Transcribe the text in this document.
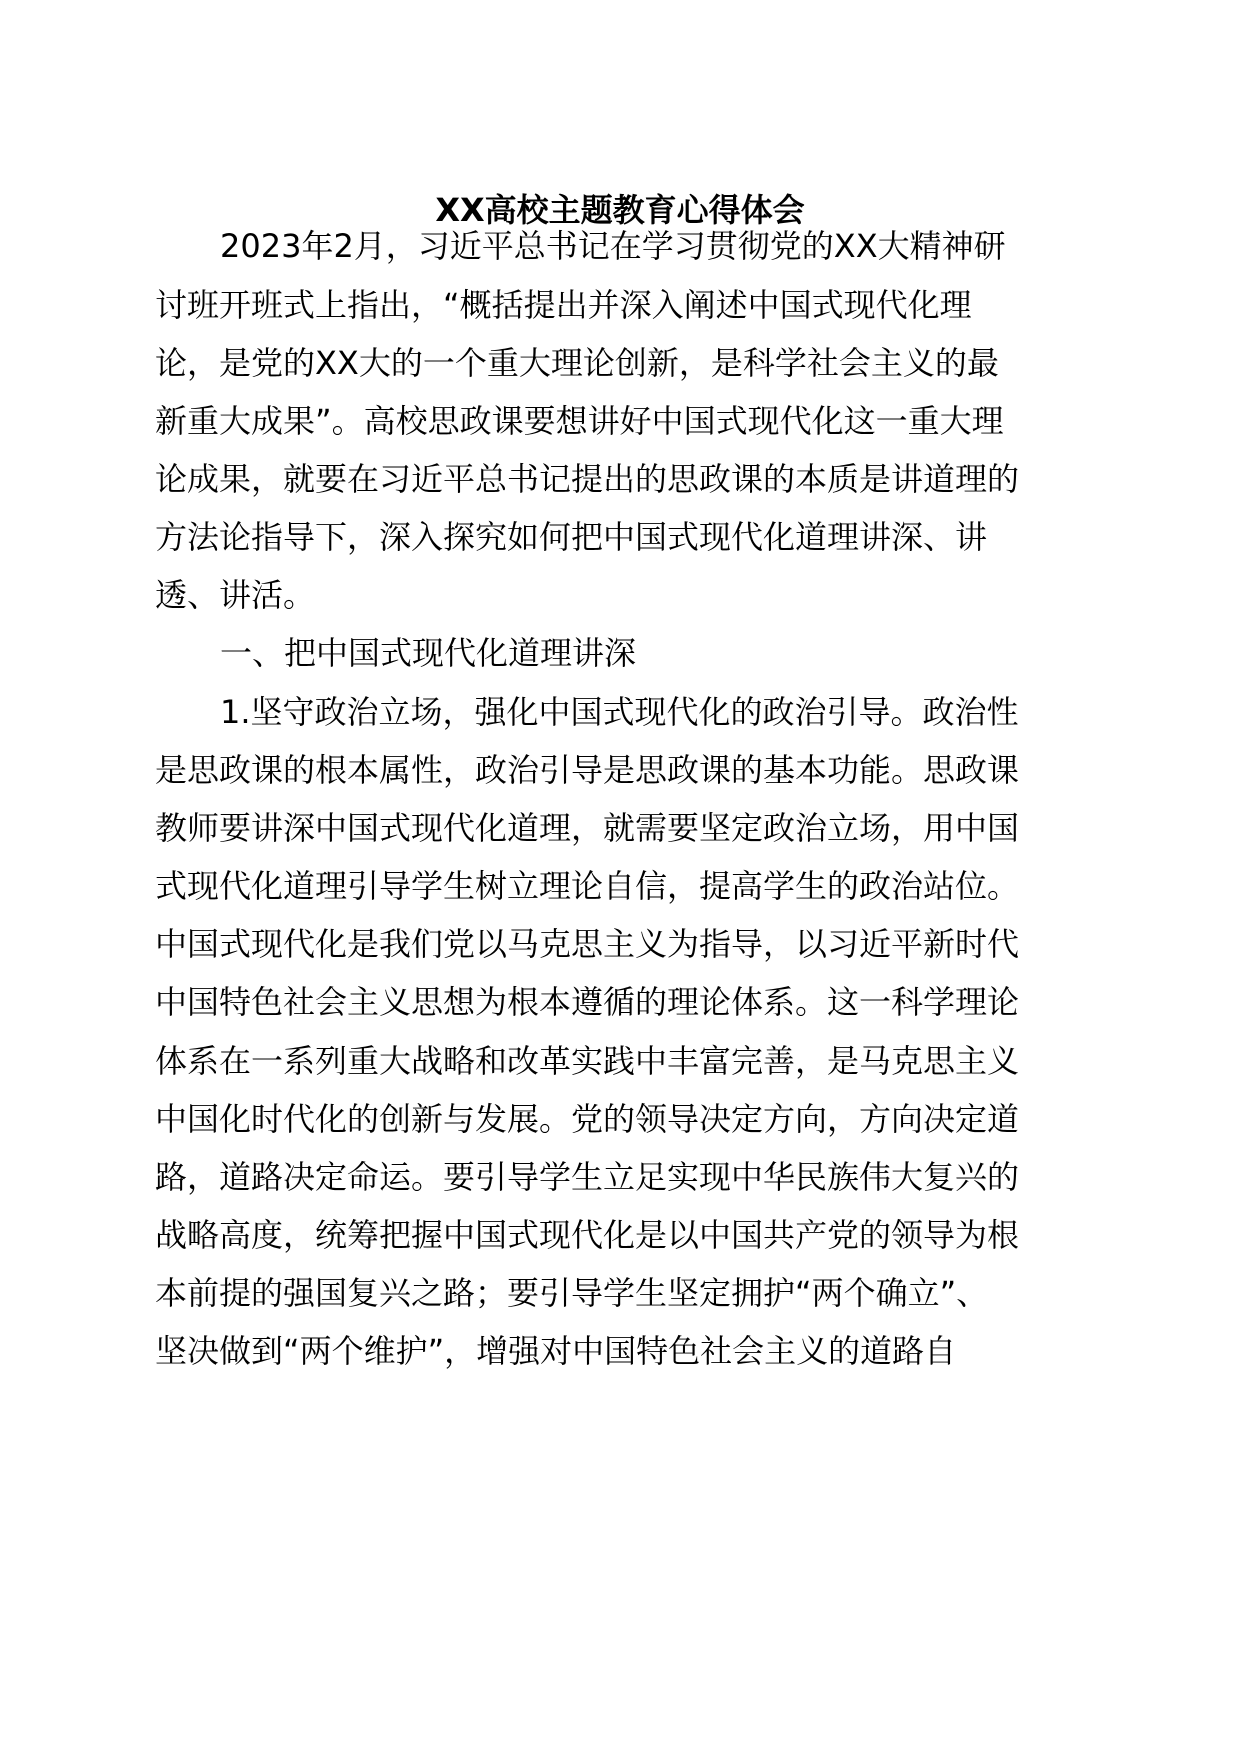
XX高校主题教育心得体会

2023年2月，习近平总书记在学习贯彻党的XX大精神研

讨班开班式上指出，“概括提出并深入阐述中国式现代化理

论，是党的XX大的一个重大理论创新，是科学社会主义的最

新重大成果”。高校思政课要想讲好中国式现代化这一重大理

论成果，就要在习近平总书记提出的思政课的本质是讲道理的

方法论指导下，深入探究如何把中国式现代化道理讲深、讲

透、讲活。

一、把中国式现代化道理讲深

1.坚守政治立场，强化中国式现代化的政治引导。政治性

是思政课的根本属性，政治引导是思政课的基本功能。思政课

教师要讲深中国式现代化道理，就需要坚定政治立场，用中国

式现代化道理引导学生树立理论自信，提高学生的政治站位。

中国式现代化是我们党以马克思主义为指导，以习近平新时代

中国特色社会主义思想为根本遵循的理论体系。这一科学理论

体系在一系列重大战略和改革实践中丰富完善，是马克思主义

中国化时代化的创新与发展。党的领导决定方向，方向决定道

路，道路决定命运。要引导学生立足实现中华民族伟大复兴的

战略高度，统筹把握中国式现代化是以中国共产党的领导为根

本前提的强国复兴之路；要引导学生坚定拥护“两个确立”、

坚决做到“两个维护”，增强对中国特色社会主义的道路自
